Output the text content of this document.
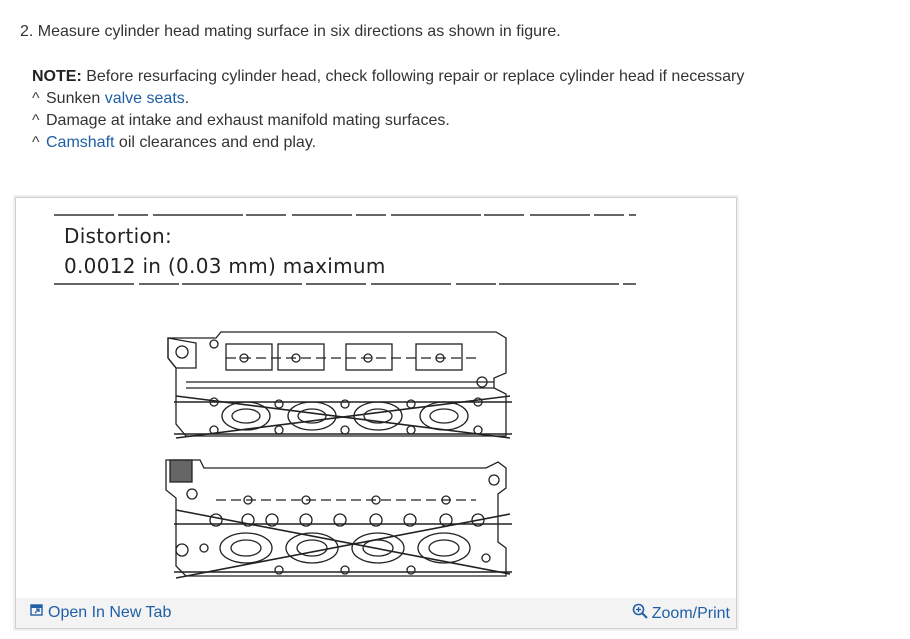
2. Measure cylinder head mating surface in six directions as shown in figure.
NOTE: Before resurfacing cylinder head, check following repair or replace cylinder head if necessary
^ Sunken valve seats.
^ Damage at intake and exhaust manifold mating surfaces.
^ Camshaft oil clearances and end play.
Distortion:
0.0012 in (0.03 mm) maximum
Open In New Tab	Zoom/Print
